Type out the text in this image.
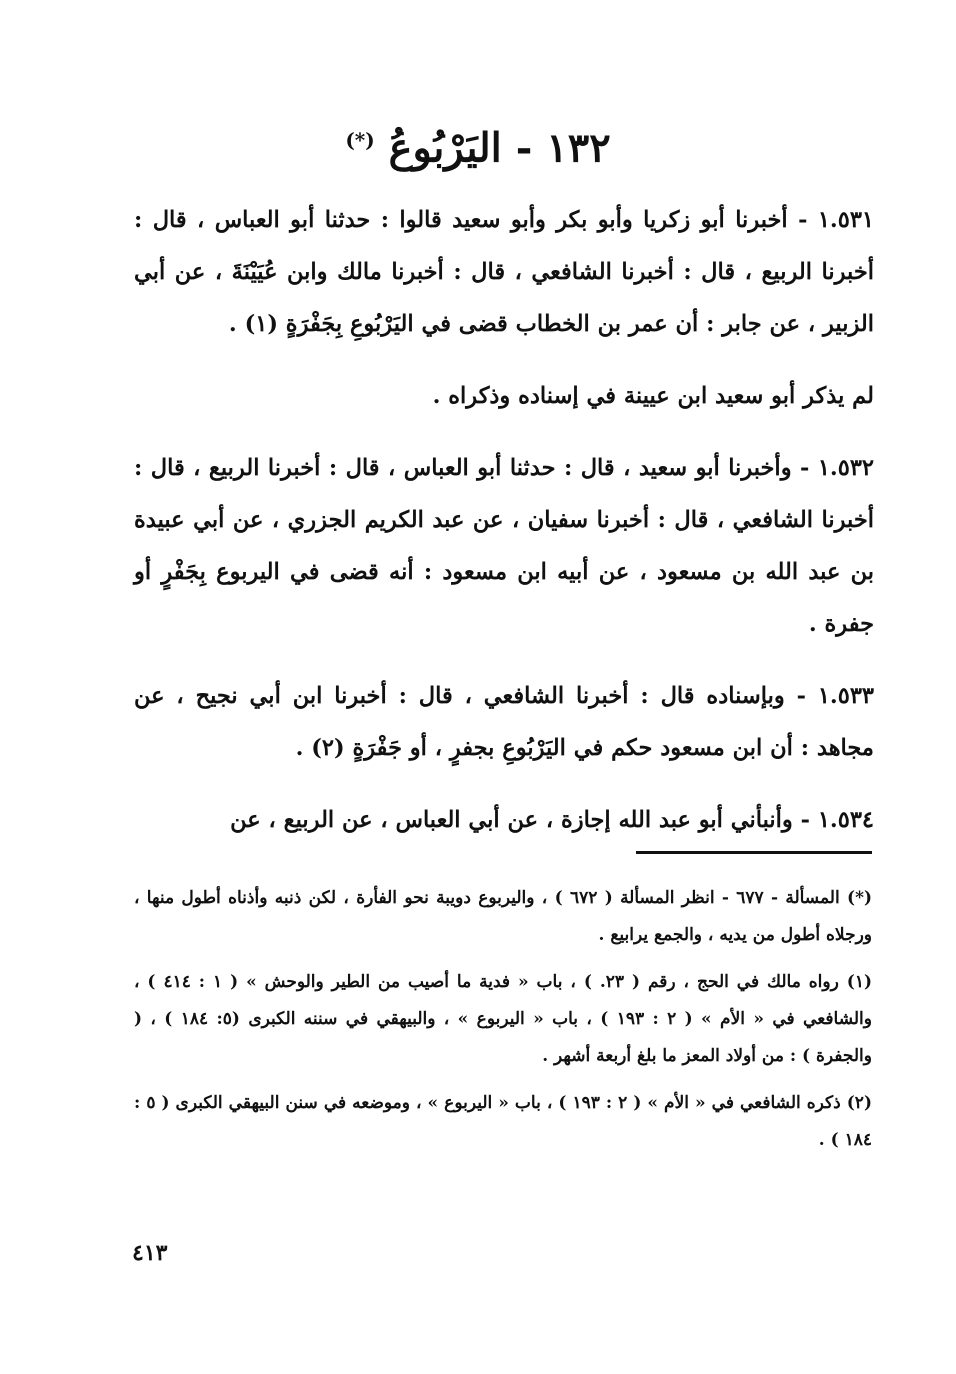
١٣٢ - اليَرْبُوعُ (*)

١.٥٣١ - أخبرنا أبو زكريا وأبو بكر وأبو سعيد قالوا : حدثنا أبو العباس ، قال : أخبرنا الربيع ، قال : أخبرنا الشافعي ، قال : أخبرنا مالك وابن عُيَيْنَةَ ، عن أبي الزبير ، عن جابر : أن عمر بن الخطاب قضى في اليَرْبُوعِ بِجَفْرَةٍ (١) .

لم يذكر أبو سعيد ابن عيينة في إسناده وذكراه .

١.٥٣٢ - وأخبرنا أبو سعيد ، قال : حدثنا أبو العباس ، قال : أخبرنا الربيع ، قال : أخبرنا الشافعي ، قال : أخبرنا سفيان ، عن عبد الكريم الجزري ، عن أبي عبيدة بن عبد الله بن مسعود ، عن أبيه ابن مسعود : أنه قضى في اليربوع بِجَفْرٍ أو جفرة .

١.٥٣٣ - وبإسناده قال : أخبرنا الشافعي ، قال : أخبرنا ابن أبي نجيح ، عن مجاهد : أن ابن مسعود حكم في اليَرْبُوعِ بجفرٍ ، أو جَفْرَةٍ (٢) .

١.٥٣٤ - وأنبأني أبو عبد الله إجازة ، عن أبي العباس ، عن الربيع ، عن

(*) المسألة - ٦٧٧ - انظر المسألة ( ٦٧٢ ) ، واليربوع دويبة نحو الفأرة ، لكن ذنبه وأذناه أطول منها ، ورجلاه أطول من يديه ، والجمع يرابيع .

(١) رواه مالك في الحج ، رقم ( ٢٣. ) ، باب « فدية ما أصيب من الطير والوحش » ( ١ : ٤١٤ ) ، والشافعي في « الأم » ( ٢ : ١٩٣ ) ، باب « اليربوع » ، والبيهقي في سننه الكبرى (٥: ١٨٤ ) ، ( والجفرة ) : من أولاد المعز ما بلغ أربعة أشهر .

(٢) ذكره الشافعي في « الأم » ( ٢ : ١٩٣ ) ، باب « اليربوع » ، وموضعه في سنن البيهقي الكبرى ( ٥ : ١٨٤ ) .

٤١٣
